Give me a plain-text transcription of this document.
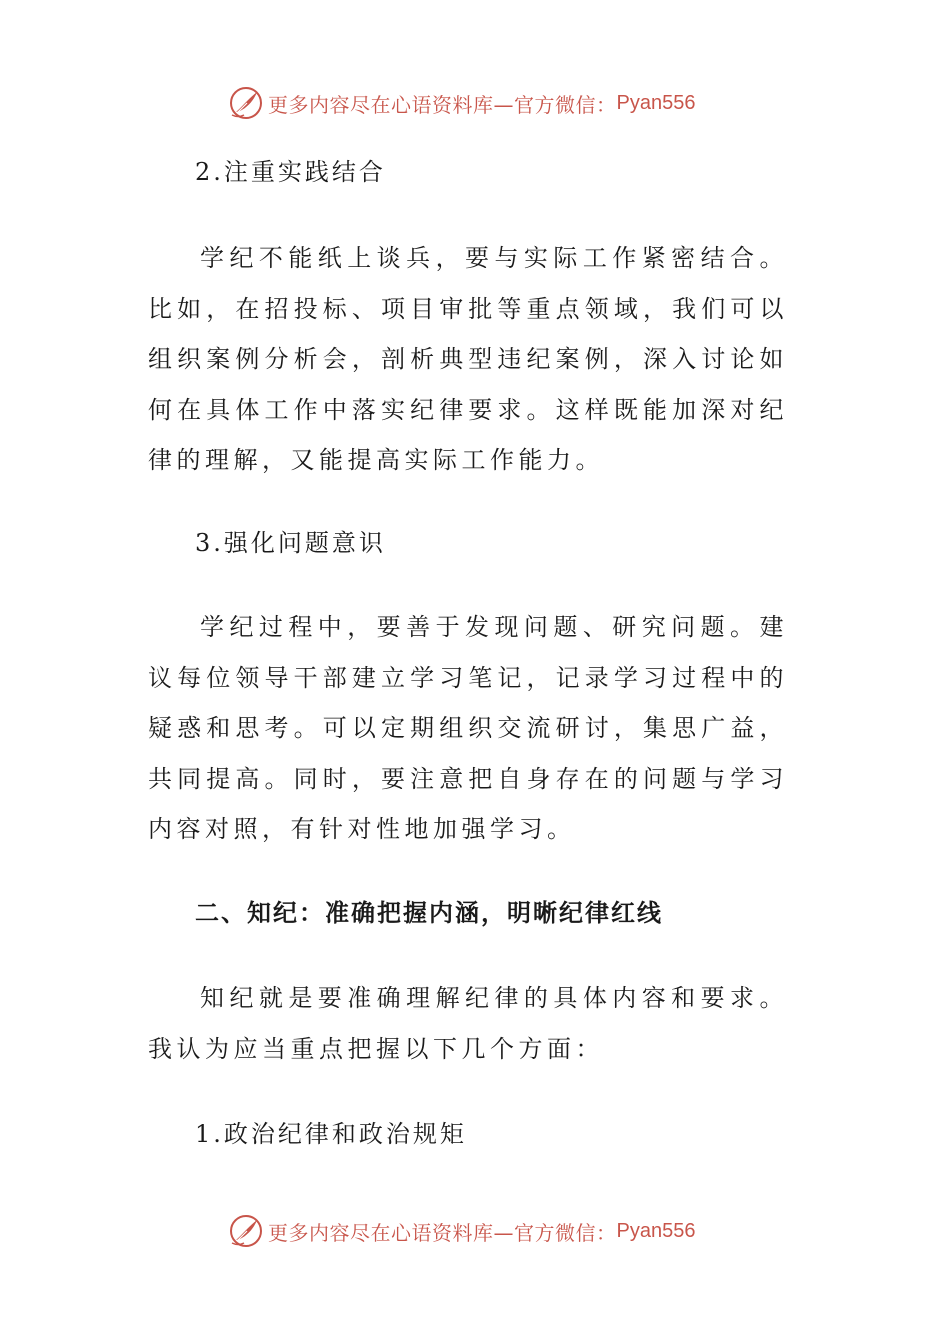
更多内容尽在心语资料库—官方微信： Pyan556
2.注重实践结合
学纪不能纸上谈兵，要与实际工作紧密结合。比如，在招投标、项目审批等重点领域，我们可以组织案例分析会，剖析典型违纪案例，深入讨论如何在具体工作中落实纪律要求。这样既能加深对纪律的理解，又能提高实际工作能力。
3.强化问题意识
学纪过程中，要善于发现问题、研究问题。建议每位领导干部建立学习笔记，记录学习过程中的疑惑和思考。可以定期组织交流研讨，集思广益，共同提高。同时，要注意把自身存在的问题与学习内容对照，有针对性地加强学习。
二、知纪：准确把握内涵，明晰纪律红线
知纪就是要准确理解纪律的具体内容和要求。我认为应当重点把握以下几个方面：
1.政治纪律和政治规矩
更多内容尽在心语资料库—官方微信： Pyan556
